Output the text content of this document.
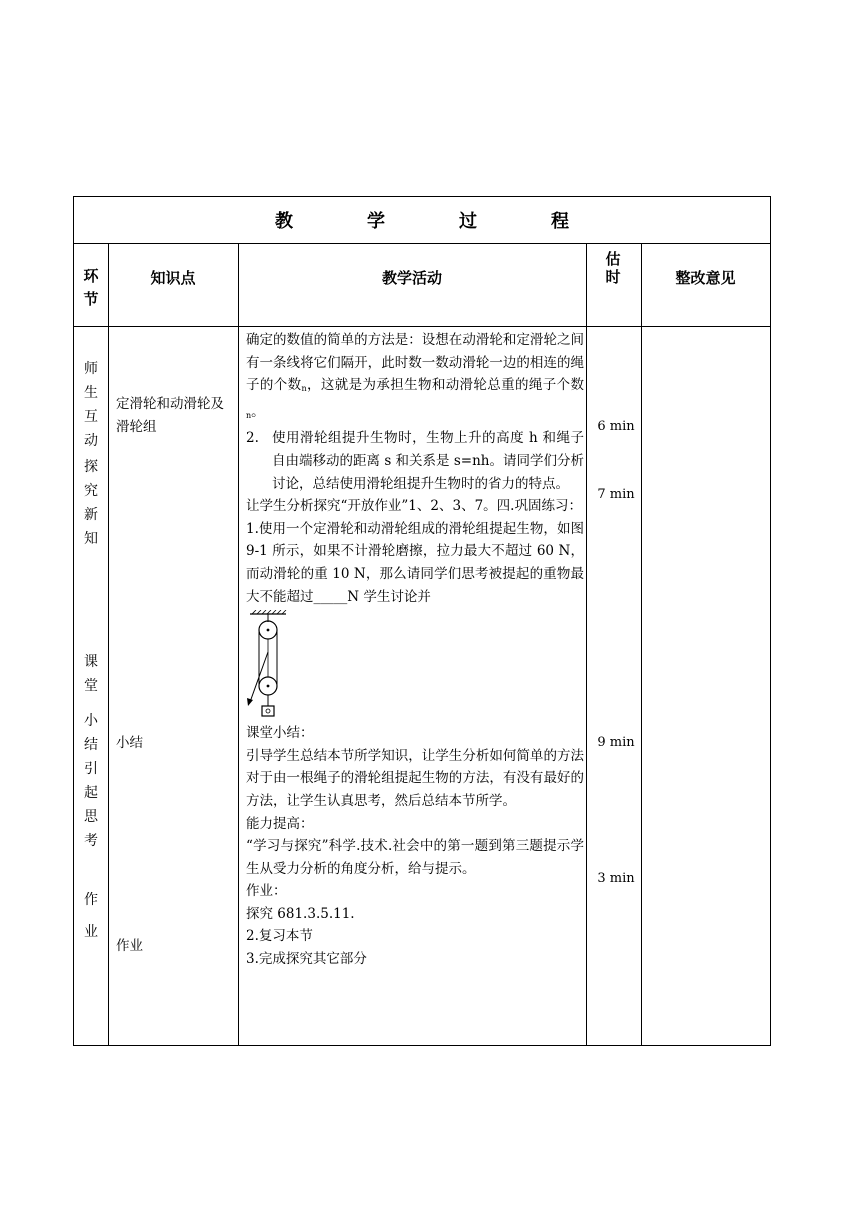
教　学　过　程
环节
知识点	教学活动
估时	整改意见
师生互动
探究新知
课堂
小结引起思考
作业
定滑轮和动滑轮及滑轮组
小结
作业

确定的数值的简单的方法是：设想在动滑轮和定滑轮之间有一条线将它们隔开，此时数一数动滑轮一边的相连的绳子的个数$_n$，这就是为承担生物和动滑轮总重的绳子个数$_n$。

2. 使用滑轮组提升生物时，生物上升的高度 h 和绳子自由端移动的距离 s 和关系是 s=nh。请同学们分析讨论，总结使用滑轮组提升生物时的省力的特点。

让学生分析探究“开放作业”1、2、3、7。四.巩固练习：

1.使用一个定滑轮和动滑轮组成的滑轮组提起生物，如图 9-1 所示，如果不计滑轮磨擦，拉力最大不超过 60 N，而动滑轮的重 10 N，那么请同学们思考被提起的重物最大不能超过_____N 学生讨论并

课堂小结：

引导学生总结本节所学知识，让学生分析如何简单的方法对于由一根绳子的滑轮组提起生物的方法，有没有最好的方法，让学生认真思考，然后总结本节所学。

能力提高：

“学习与探究”科学.技术.社会中的第一题到第三题提示学生从受力分析的角度分析，给与提示。

作业：

探究 681.3.5.11.

2.复习本节

3.完成探究其它部分

6 min
7 min
9 min
3 min
